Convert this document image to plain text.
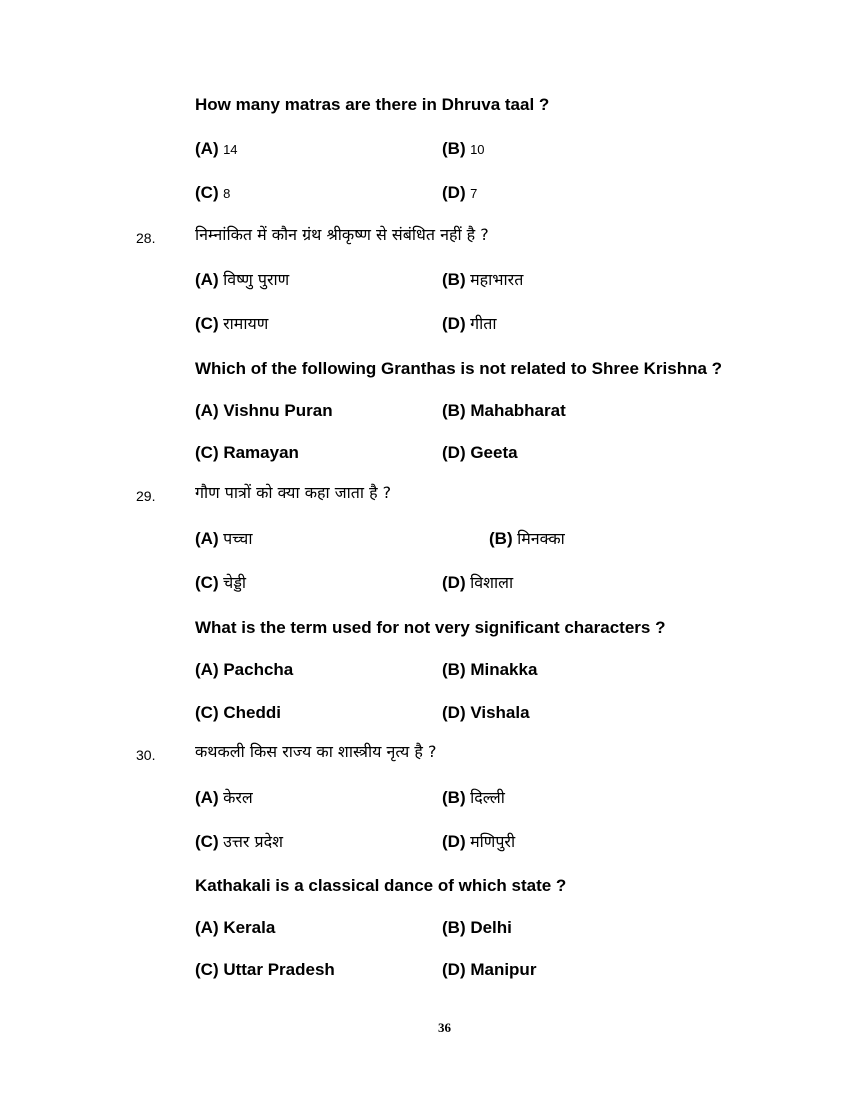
How many matras are there in Dhruva taal ?
(A) 14	(B) 10
(C) 8	(D) 7
28. निम्नांकित में कौन ग्रंथ श्रीकृष्ण से संबंधित नहीं है ?
(A) विष्णु पुराण	(B) महाभारत
(C) रामायण	(D) गीता
Which of the following Granthas is not related to Shree Krishna ?
(A) Vishnu Puran	(B) Mahabharat
(C) Ramayan	(D) Geeta
29. गौण पात्रों को क्या कहा जाता है ?
(A) पच्चा	(B) मिनक्का
(C) चेड्डी	(D) विशाला
What is the term used for not very significant characters ?
(A) Pachcha	(B) Minakka
(C) Cheddi	(D) Vishala
30. कथकली किस राज्य का शास्त्रीय नृत्य है ?
(A) केरल	(B) दिल्ली
(C) उत्तर प्रदेश	(D) मणिपुरी
Kathakali is a classical dance of which state ?
(A) Kerala	(B) Delhi
(C) Uttar Pradesh	(D) Manipur
36
